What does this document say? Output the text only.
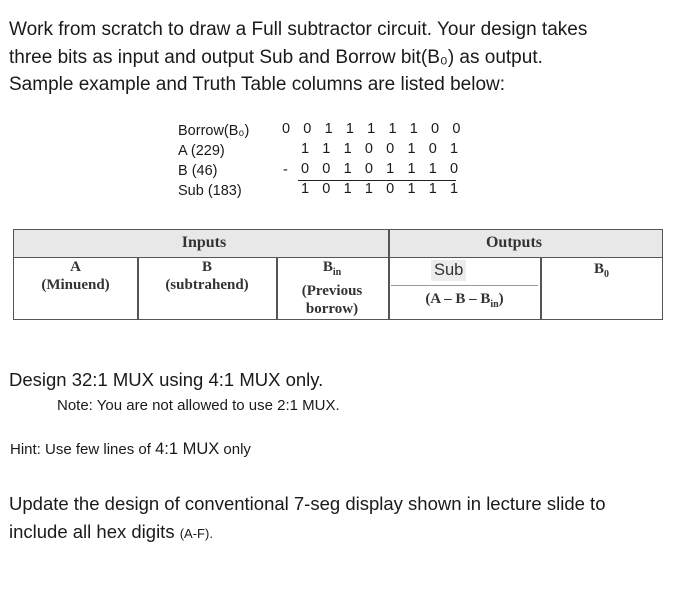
Work from scratch to draw a Full subtractor circuit. Your design takes
three bits as input and output Sub and Borrow bit(B₀) as output.
Sample example and Truth Table columns are listed below:
Borrow(B₀)
A (229)
B (46)
Sub (183)
0 0 1 1 1 1 1 0 0
1 1 1 0 0 1 0 1
- 0 0 1 0 1 1 1 0
1 0 1 1 0 1 1 1
Inputs	Outputs
A
(Minuend)
B
(subtrahend)
$B_{in}$
(Previous
borrow)
Sub
(A – B – $B_{in}$)
$B_0$
Design 32:1 MUX using 4:1 MUX only.
Note: You are not allowed to use 2:1 MUX.
Hint: Use few lines of 4:1 MUX only
Update the design of conventional 7-seg display shown in lecture slide to
include all hex digits (A-F).
